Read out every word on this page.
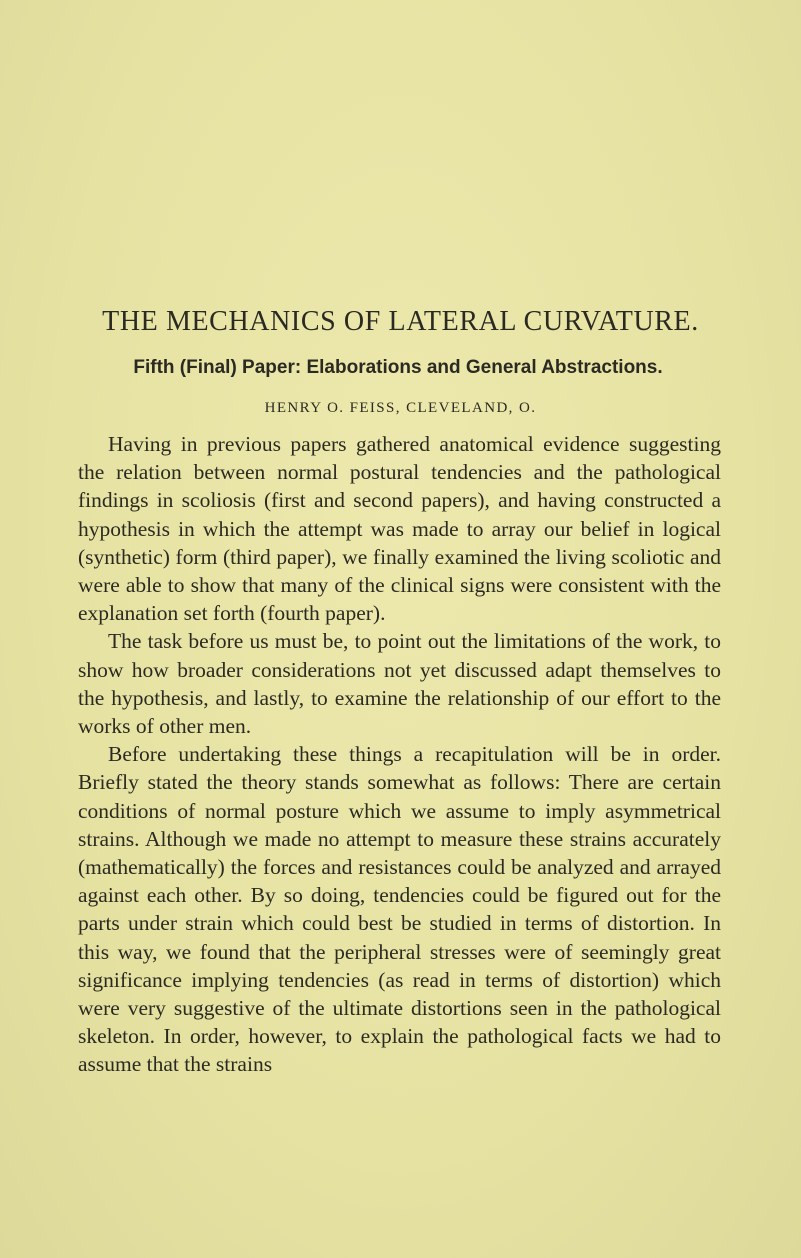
THE MECHANICS OF LATERAL CURVATURE.
Fifth (Final) Paper: Elaborations and General Abstractions.
HENRY O. FEISS, CLEVELAND, O.

Having in previous papers gathered anatomical evidence suggesting the relation between normal postural tendencies and the pathological findings in scoliosis (first and second papers), and having constructed a hypothesis in which the attempt was made to array our belief in logical (synthetic) form (third paper), we finally examined the living scoliotic and were able to show that many of the clinical signs were consistent with the explanation set forth (fourth paper).

The task before us must be, to point out the limitations of the work, to show how broader considerations not yet discussed adapt themselves to the hypothesis, and lastly, to examine the relationship of our effort to the works of other men.

Before undertaking these things a recapitulation will be in order. Briefly stated the theory stands somewhat as follows: There are certain conditions of normal posture which we assume to imply asymmetrical strains. Although we made no attempt to measure these strains accurately (mathematically) the forces and resistances could be analyzed and arrayed against each other. By so doing, tendencies could be figured out for the parts under strain which could best be studied in terms of distortion. In this way, we found that the peripheral stresses were of seemingly great significance implying tendencies (as read in terms of distortion) which were very suggestive of the ultimate distortions seen in the pathological skeleton. In order, however, to explain the pathological facts we had to assume that the strains
